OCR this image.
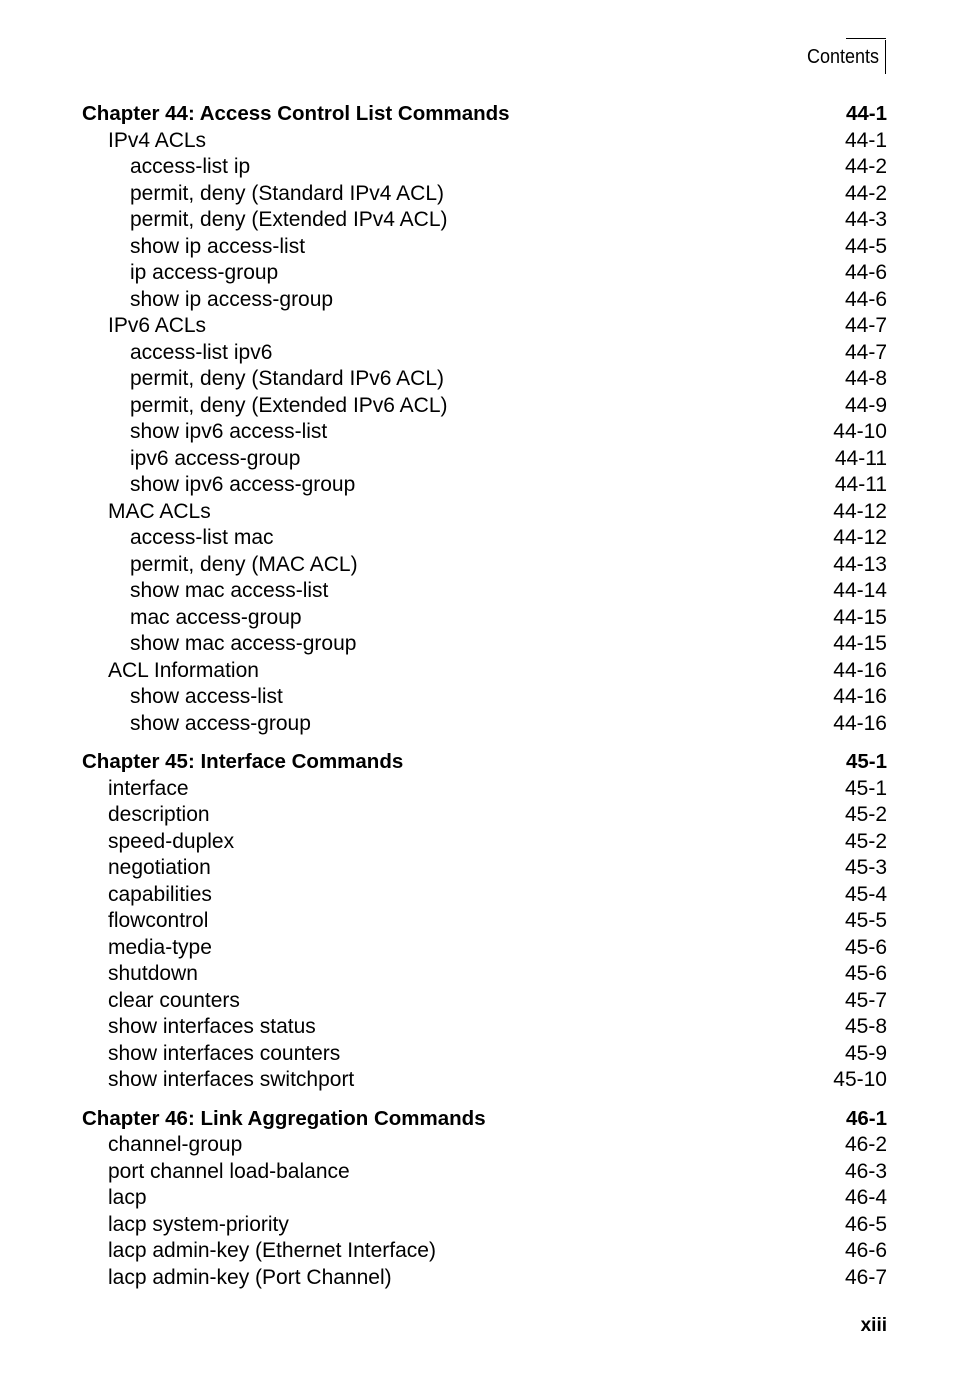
Contents
Chapter 44: Access Control List Commands	44-1
IPv4 ACLs	44-1
access-list ip	44-2
permit, deny (Standard IPv4 ACL)	44-2
permit, deny (Extended IPv4 ACL)	44-3
show ip access-list	44-5
ip access-group	44-6
show ip access-group	44-6
IPv6 ACLs	44-7
access-list ipv6	44-7
permit, deny (Standard IPv6 ACL)	44-8
permit, deny (Extended IPv6 ACL)	44-9
show ipv6 access-list	44-10
ipv6 access-group	44-11
show ipv6 access-group	44-11
MAC ACLs	44-12
access-list mac	44-12
permit, deny (MAC ACL)	44-13
show mac access-list	44-14
mac access-group	44-15
show mac access-group	44-15
ACL Information	44-16
show access-list	44-16
show access-group	44-16
Chapter 45: Interface Commands	45-1
interface	45-1
description	45-2
speed-duplex	45-2
negotiation	45-3
capabilities	45-4
flowcontrol	45-5
media-type	45-6
shutdown	45-6
clear counters	45-7
show interfaces status	45-8
show interfaces counters	45-9
show interfaces switchport	45-10
Chapter 46: Link Aggregation Commands	46-1
channel-group	46-2
port channel load-balance	46-3
lacp	46-4
lacp system-priority	46-5
lacp admin-key (Ethernet Interface)	46-6
lacp admin-key (Port Channel)	46-7
xiii
